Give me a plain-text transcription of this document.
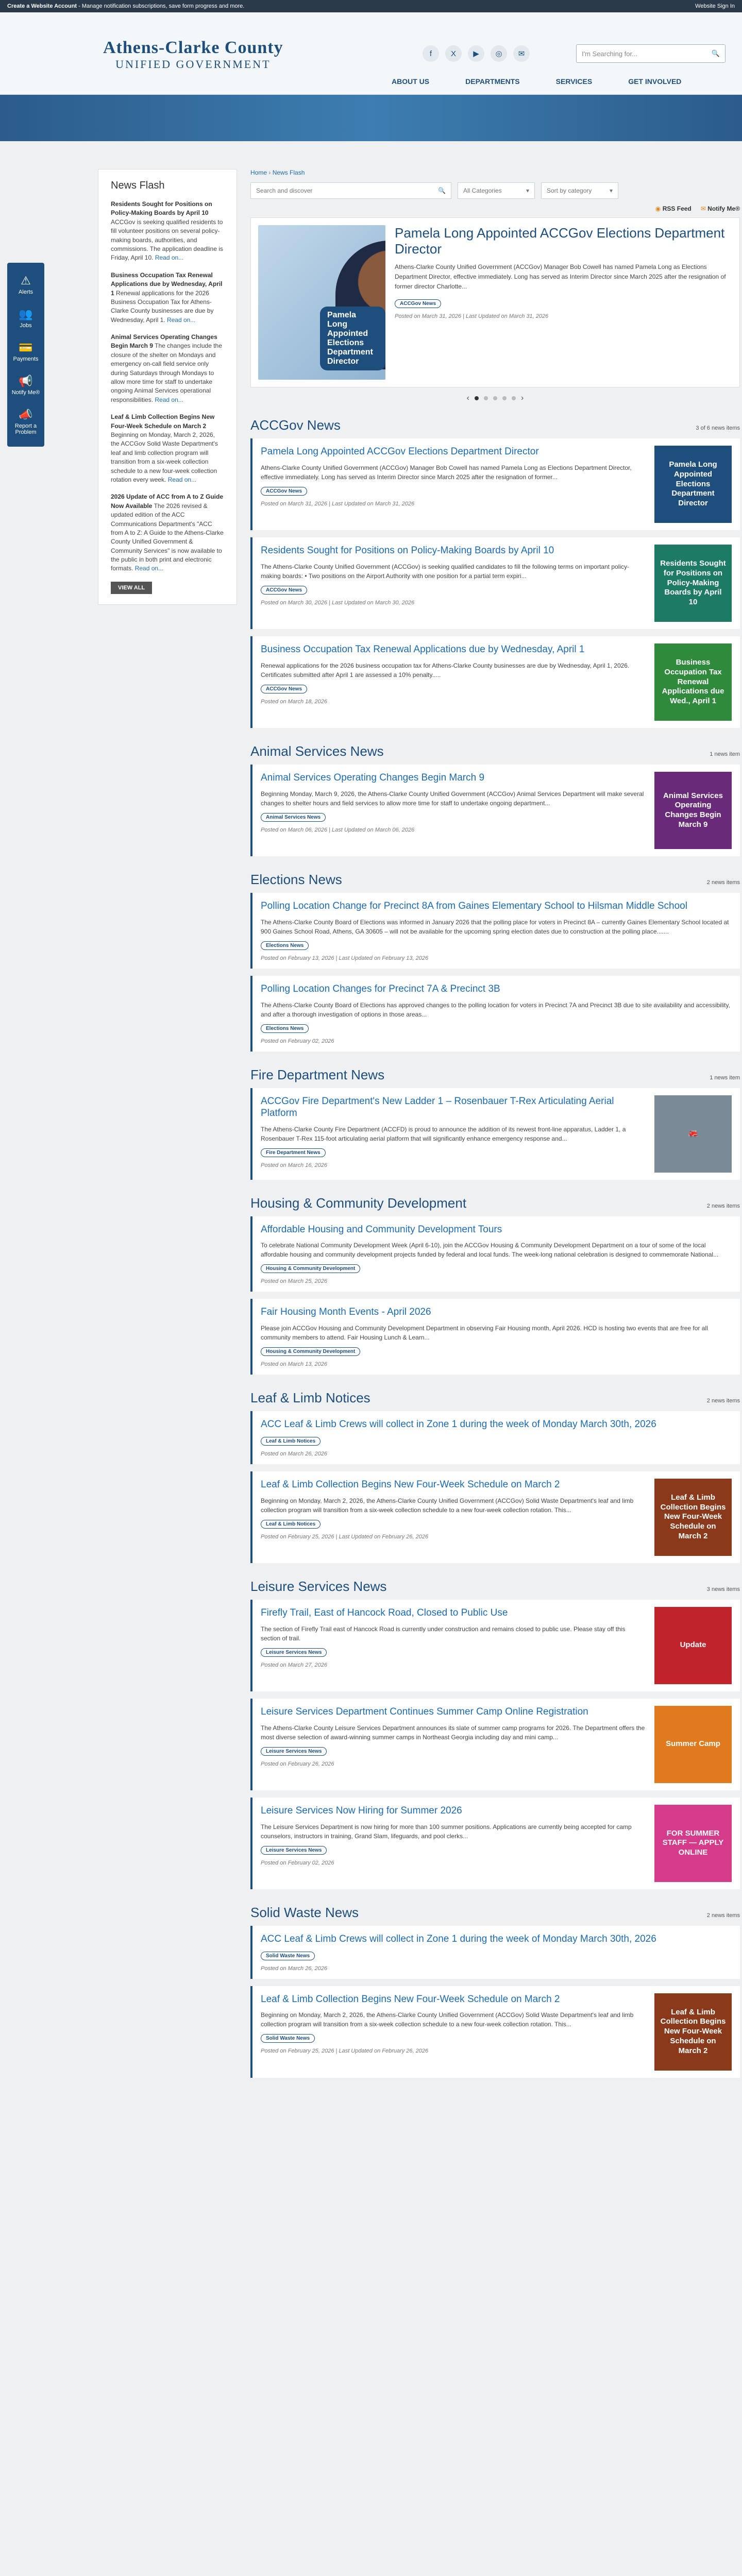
Create a Website Account - Manage notification subscriptions, save form progress and more.	Website Sign In
Athens-Clarke County
UNIFIED GOVERNMENT
f	X	▶	◎	✉	I'm Searching for...	🔍
ABOUT US	DEPARTMENTS	SERVICES	GET INVOLVED
⚠
Alerts
👥
Jobs
💳
Payments
📢
Notify Me®
📣
Report a Problem
News Flash
Residents Sought for Positions on Policy-Making Boards by April 10 ACCGov is seeking qualified residents to fill volunteer positions on several policy-making boards, authorities, and commissions. The application deadline is Friday, April 10. Read on...
Business Occupation Tax Renewal Applications due by Wednesday, April 1 Renewal applications for the 2026 Business Occupation Tax for Athens-Clarke County businesses are due by Wednesday, April 1. Read on...
Animal Services Operating Changes Begin March 9 The changes include the closure of the shelter on Mondays and emergency on-call field service only during Saturdays through Mondays to allow more time for staff to undertake ongoing Animal Services operational responsibilities. Read on...
Leaf & Limb Collection Begins New Four-Week Schedule on March 2 Beginning on Monday, March 2, 2026, the ACCGov Solid Waste Department's leaf and limb collection program will transition from a six-week collection schedule to a new four-week collection rotation every week. Read on...
2026 Update of ACC from A to Z Guide Now Available The 2026 revised & updated edition of the ACC Communications Department's "ACC from A to Z: A Guide to the Athens-Clarke County Unified Government & Community Services" is now available to the public in both print and electronic formats. Read on...
VIEW ALL
Home › News Flash
Search and discover	🔍	All Categories	▾	Sort by category	▾
◉ RSS Feed ✉ Notify Me®
Pamela Long Appointed Elections Department Director
Pamela Long Appointed ACCGov Elections Department Director

Athens-Clarke County Unified Government (ACCGov) Manager Bob Cowell has named Pamela Long as Elections Department Director, effective immediately. Long has served as Interim Director since March 2025 after the resignation of former director Charlotte...

ACCGov News
Posted on March 31, 2026 | Last Updated on March 31, 2026
‹	›
ACCGov News	3 of 6 news items
Pamela Long Appointed ACCGov Elections Department Director

Athens-Clarke County Unified Government (ACCGov) Manager Bob Cowell has named Pamela Long as Elections Department Director, effective immediately. Long has served as Interim Director since March 2025 after the resignation of former...

ACCGov News
Posted on March 31, 2026 | Last Updated on March 31, 2026
Pamela Long Appointed Elections Department Director
Residents Sought for Positions on Policy-Making Boards by April 10

The Athens-Clarke County Unified Government (ACCGov) is seeking qualified candidates to fill the following terms on important policy-making boards: • Two positions on the Airport Authority with one position for a partial term expiri...

ACCGov News
Posted on March 30, 2026 | Last Updated on March 30, 2026
Residents Sought for Positions on Policy-Making Boards by April 10
Business Occupation Tax Renewal Applications due by Wednesday, April 1

Renewal applications for the 2026 business occupation tax for Athens-Clarke County businesses are due by Wednesday, April 1, 2026. Certificates submitted after April 1 are assessed a 10% penalty.....

ACCGov News
Posted on March 18, 2026
Business Occupation Tax Renewal Applications due Wed., April 1
Animal Services News	1 news item
Animal Services Operating Changes Begin March 9

Beginning Monday, March 9, 2026, the Athens-Clarke County Unified Government (ACCGov) Animal Services Department will make several changes to shelter hours and field services to allow more time for staff to undertake ongoing department...

Animal Services News
Posted on March 06, 2026 | Last Updated on March 06, 2026
Animal Services Operating Changes Begin March 9
Elections News	2 news items
Polling Location Change for Precinct 8A from Gaines Elementary School to Hilsman Middle School

The Athens-Clarke County Board of Elections was informed in January 2026 that the polling place for voters in Precinct 8A – currently Gaines Elementary School located at 900 Gaines School Road, Athens, GA 30605 – will not be available for the upcoming spring election dates due to construction at the polling place.......

Elections News
Posted on February 13, 2026 | Last Updated on February 13, 2026
Polling Location Changes for Precinct 7A & Precinct 3B

The Athens-Clarke County Board of Elections has approved changes to the polling location for voters in Precinct 7A and Precinct 3B due to site availability and accessibility, and after a thorough investigation of options in those areas...

Elections News
Posted on February 02, 2026
Fire Department News	1 news item
ACCGov Fire Department's New Ladder 1 – Rosenbauer T-Rex Articulating Aerial Platform

The Athens-Clarke County Fire Department (ACCFD) is proud to announce the addition of its newest front-line apparatus, Ladder 1, a Rosenbauer T-Rex 115-foot articulating aerial platform that will significantly enhance emergency response and...

Fire Department News
Posted on March 16, 2026
🚒
Housing & Community Development	2 news items
Affordable Housing and Community Development Tours

To celebrate National Community Development Week (April 6-10), join the ACCGov Housing & Community Development Department on a tour of some of the local affordable housing and community development projects funded by federal and local funds. The week-long national celebration is designed to commemorate National...

Housing & Community Development
Posted on March 25, 2026
Fair Housing Month Events - April 2026

Please join ACCGov Housing and Community Development Department in observing Fair Housing month, April 2026. HCD is hosting two events that are free for all community members to attend. Fair Housing Lunch & Learn...

Housing & Community Development
Posted on March 13, 2026
Leaf & Limb Notices	2 news items
ACC Leaf & Limb Crews will collect in Zone 1 during the week of Monday March 30th, 2026
Leaf & Limb Notices
Posted on March 26, 2026
Leaf & Limb Collection Begins New Four-Week Schedule on March 2

Beginning on Monday, March 2, 2026, the Athens-Clarke County Unified Government (ACCGov) Solid Waste Department's leaf and limb collection program will transition from a six-week collection schedule to a new four-week collection rotation. This...

Leaf & Limb Notices
Posted on February 25, 2026 | Last Updated on February 26, 2026
Leaf & Limb Collection Begins New Four-Week Schedule on March 2
Leisure Services News	3 news items
Firefly Trail, East of Hancock Road, Closed to Public Use

The section of Firefly Trail east of Hancock Road is currently under construction and remains closed to public use. Please stay off this section of trail.

Leisure Services News
Posted on March 27, 2026
Update
Leisure Services Department Continues Summer Camp Online Registration

The Athens-Clarke County Leisure Services Department announces its slate of summer camp programs for 2026. The Department offers the most diverse selection of award-winning summer camps in Northeast Georgia including day and mini camp...

Leisure Services News
Posted on February 26, 2026
Summer Camp
Leisure Services Now Hiring for Summer 2026

The Leisure Services Department is now hiring for more than 100 summer positions. Applications are currently being accepted for camp counselors, instructors in training, Grand Slam, lifeguards, and pool clerks...

Leisure Services News
Posted on February 02, 2026
FOR SUMMER STAFF — APPLY ONLINE
Solid Waste News	2 news items
ACC Leaf & Limb Crews will collect in Zone 1 during the week of Monday March 30th, 2026
Solid Waste News
Posted on March 26, 2026
Leaf & Limb Collection Begins New Four-Week Schedule on March 2

Beginning on Monday, March 2, 2026, the Athens-Clarke County Unified Government (ACCGov) Solid Waste Department's leaf and limb collection program will transition from a six-week collection schedule to a new four-week collection rotation. This...

Solid Waste News
Posted on February 25, 2026 | Last Updated on February 26, 2026
Leaf & Limb Collection Begins New Four-Week Schedule on March 2
